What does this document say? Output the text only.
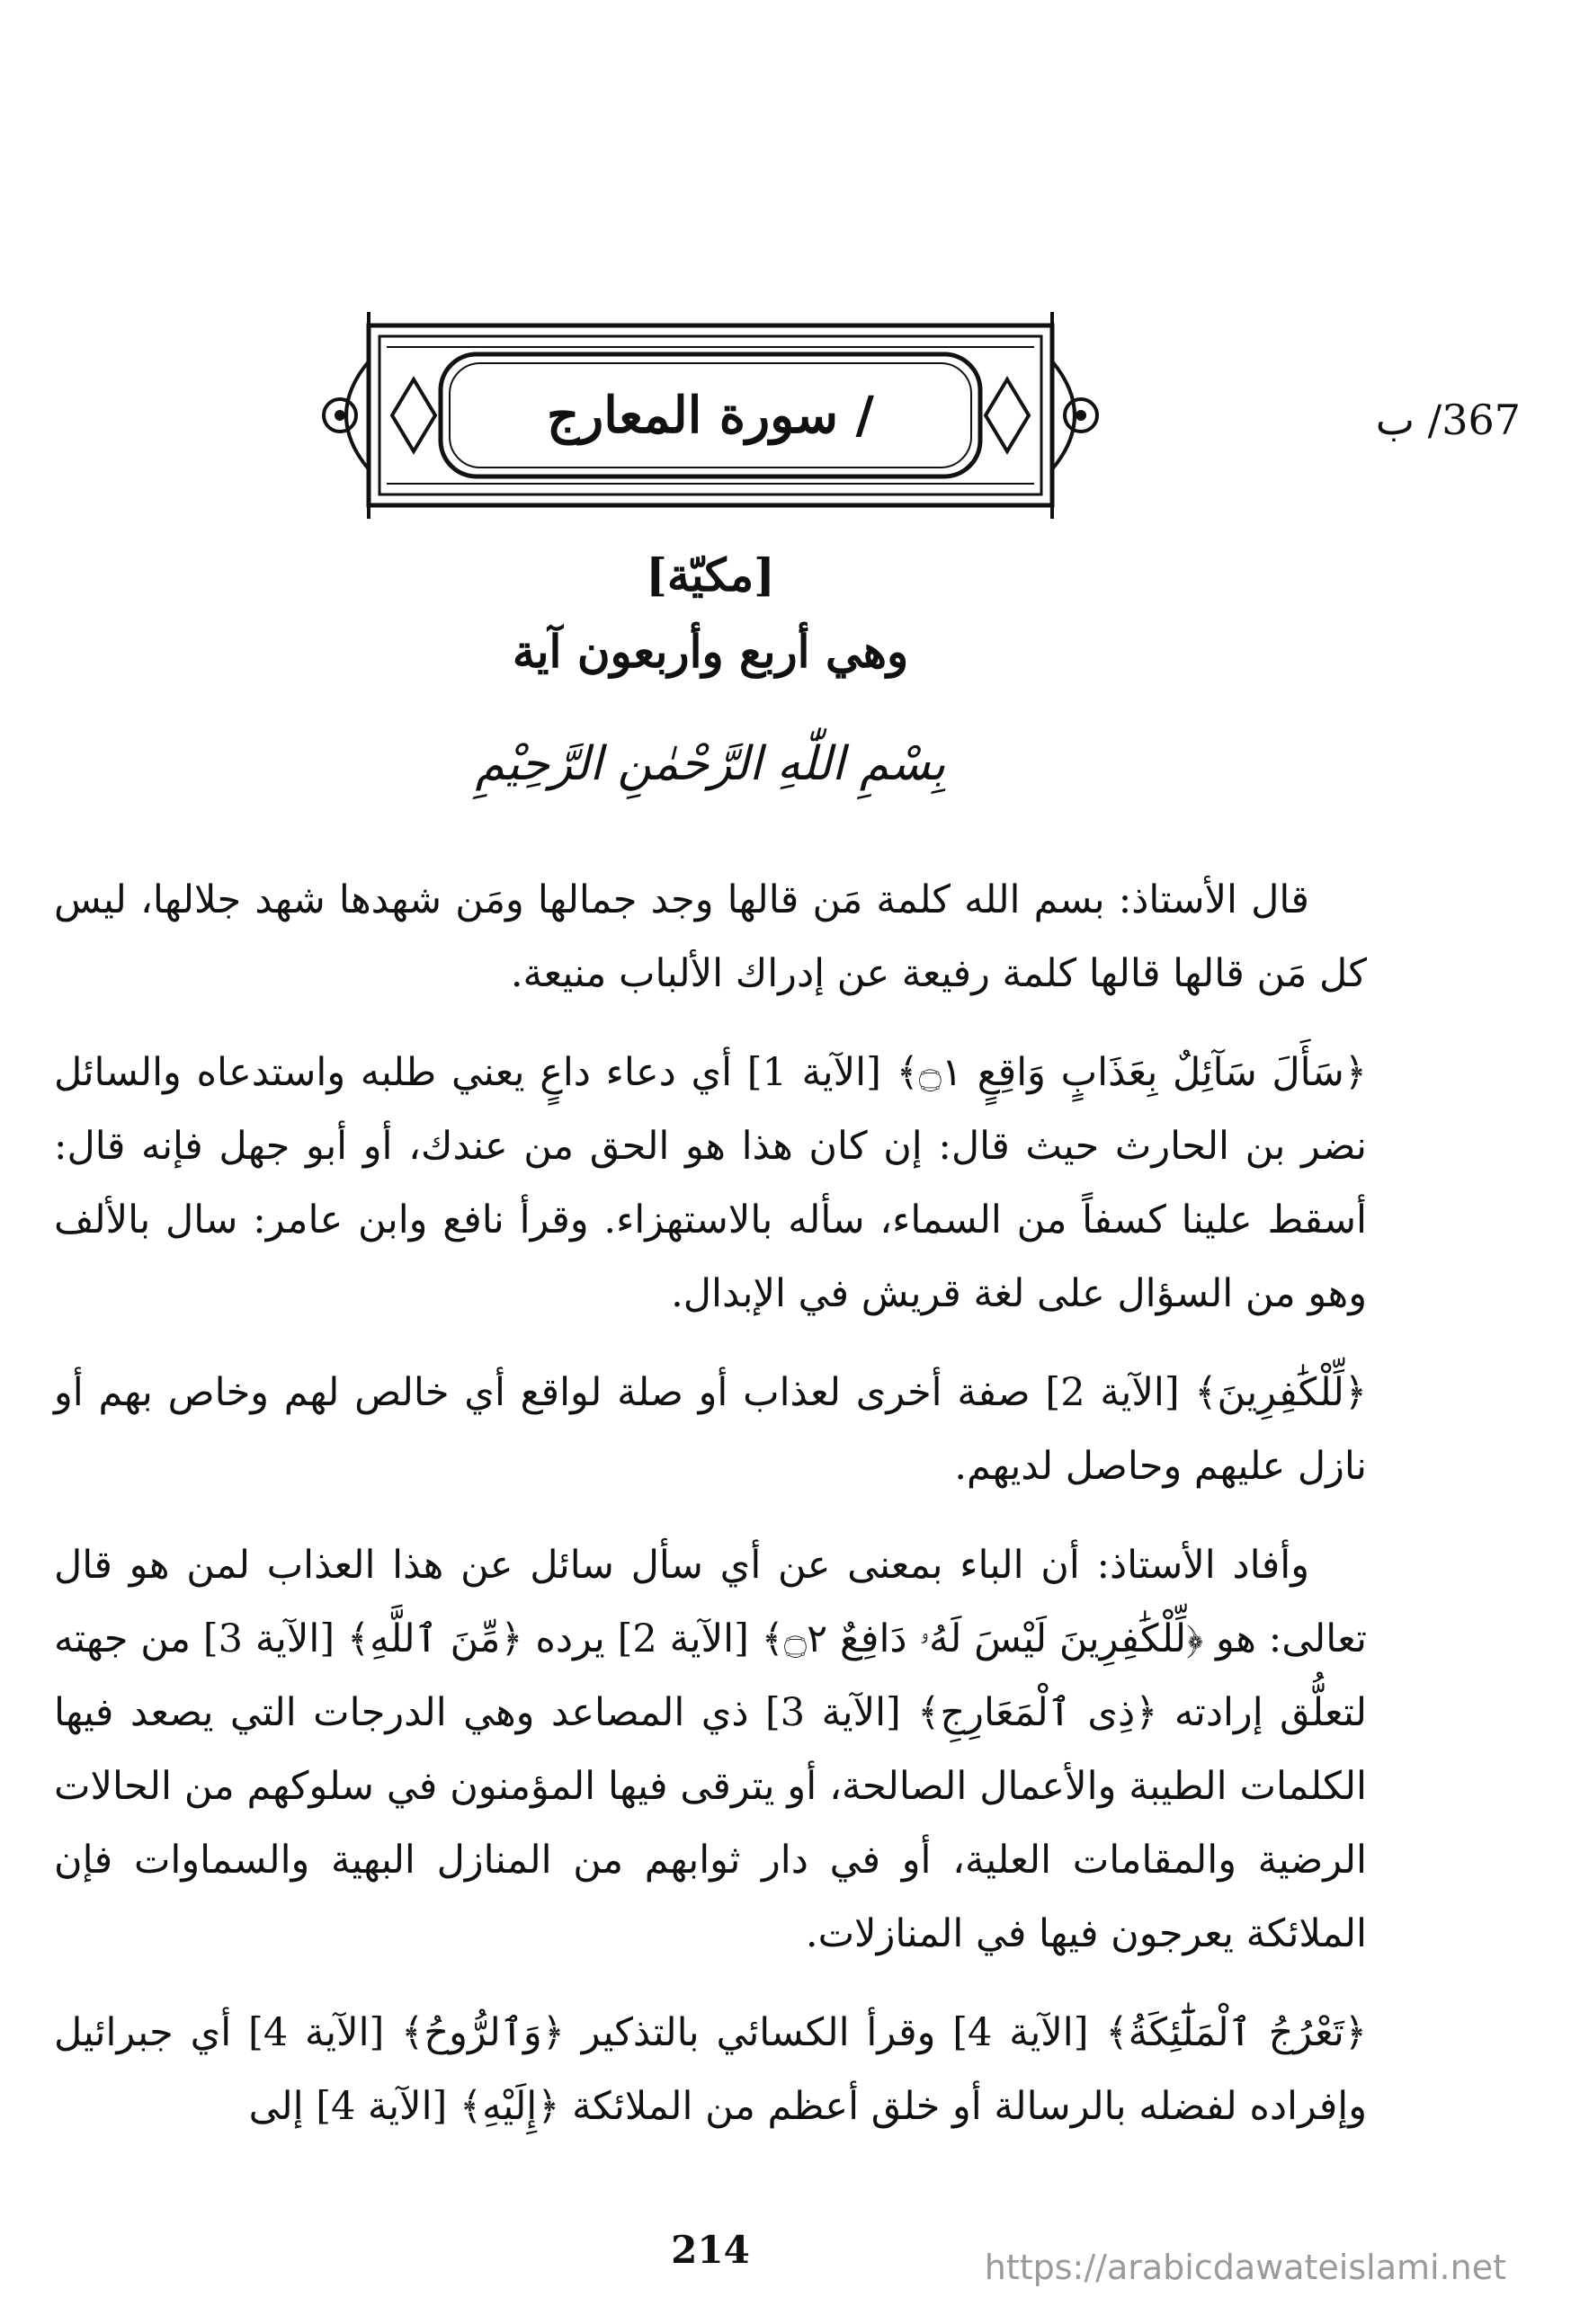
367/ ب
/ سورة المعارج
[مكيّة]
وهي أربع وأربعون آية
بِسْمِ اللّٰهِ الرَّحْمٰنِ الرَّحِيْمِ

قال الأستاذ: بسم الله كلمة مَن قالها وجد جمالها ومَن شهدها شهد جلالها، ليس كل مَن قالها قالها كلمة رفيعة عن إدراك الألباب منيعة.

﴿سَأَلَ سَآئِلٌ بِعَذَابٍ وَاقِعٍ ۝١﴾ [الآية 1] أي دعاء داعٍ يعني طلبه واستدعاه والسائل نضر بن الحارث حيث قال: إن كان هذا هو الحق من عندك، أو أبو جهل فإنه قال: أسقط علينا كسفاً من السماء، سأله بالاستهزاء. وقرأ نافع وابن عامر: سال بالألف وهو من السؤال على لغة قريش في الإبدال.

﴿لِّلْكَٰفِرِينَ﴾ [الآية 2] صفة أخرى لعذاب أو صلة لواقع أي خالص لهم وخاص بهم أو نازل عليهم وحاصل لديهم.

وأفاد الأستاذ: أن الباء بمعنى عن أي سأل سائل عن هذا العذاب لمن هو قال تعالى: هو ﴿لِّلْكَٰفِرِينَ لَيْسَ لَهُۥ دَافِعٌ ۝٢﴾ [الآية 2] يرده ﴿مِّنَ ٱللَّهِ﴾ [الآية 3] من جهته لتعلُّق إرادته ﴿ذِى ٱلْمَعَارِجِ﴾ [الآية 3] ذي المصاعد وهي الدرجات التي يصعد فيها الكلمات الطيبة والأعمال الصالحة، أو يترقى فيها المؤمنون في سلوكهم من الحالات الرضية والمقامات العلية، أو في دار ثوابهم من المنازل البهية والسماوات فإن الملائكة يعرجون فيها في المنازلات.

﴿تَعْرُجُ ٱلْمَلَٰٓئِكَةُ﴾ [الآية 4] وقرأ الكسائي بالتذكير ﴿وَٱلرُّوحُ﴾ [الآية 4] أي جبرائيل وإفراده لفضله بالرسالة أو خلق أعظم من الملائكة ﴿إِلَيْهِ﴾ [الآية 4] إلى

214	https://arabicdawateislami.net
